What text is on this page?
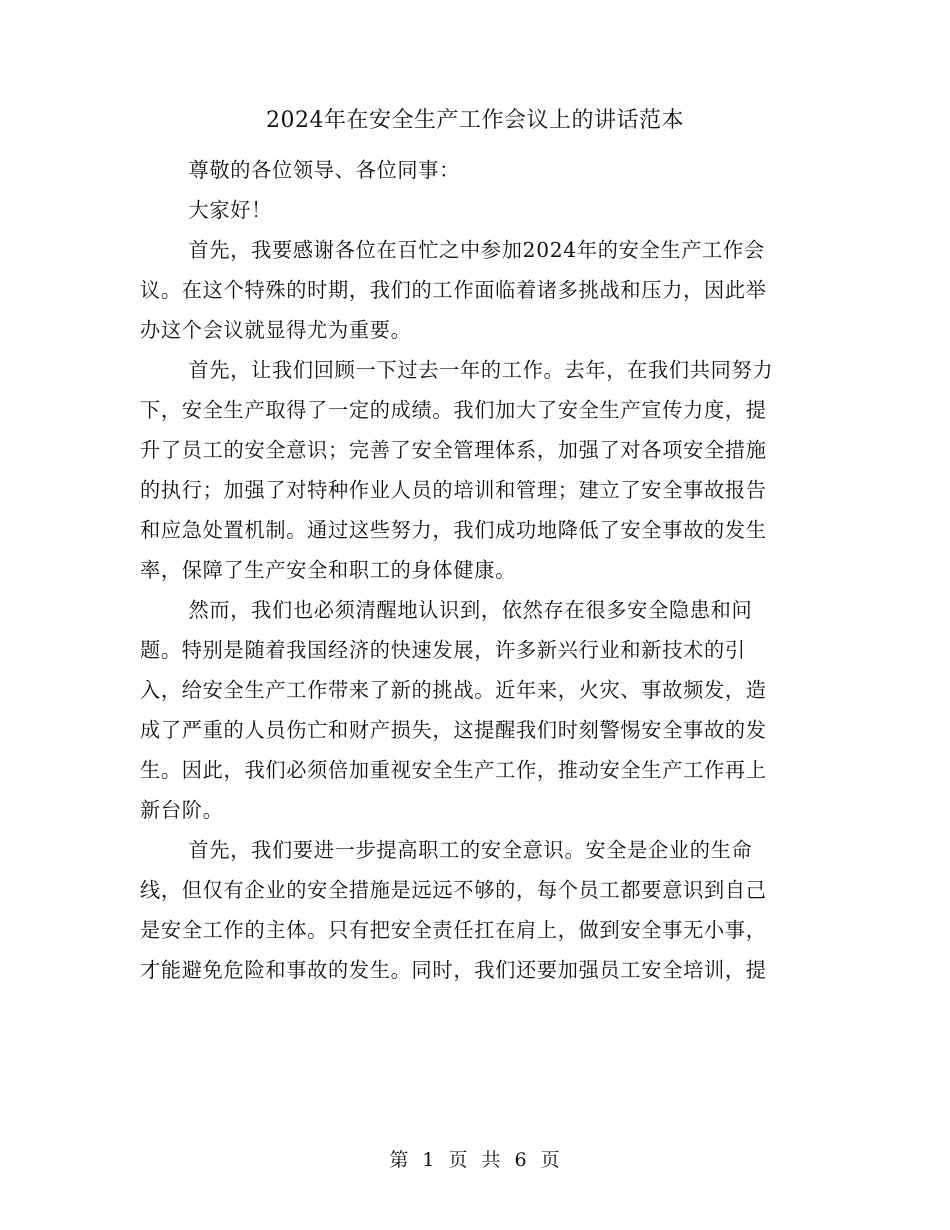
2024年在安全生产工作会议上的讲话范本

尊敬的各位领导、各位同事：

大家好！

首先，我要感谢各位在百忙之中参加2024年的安全生产工作会
议。在这个特殊的时期，我们的工作面临着诸多挑战和压力，因此举
办这个会议就显得尤为重要。

首先，让我们回顾一下过去一年的工作。去年，在我们共同努力
下，安全生产取得了一定的成绩。我们加大了安全生产宣传力度，提
升了员工的安全意识；完善了安全管理体系，加强了对各项安全措施
的执行；加强了对特种作业人员的培训和管理；建立了安全事故报告
和应急处置机制。通过这些努力，我们成功地降低了安全事故的发生
率，保障了生产安全和职工的身体健康。

然而，我们也必须清醒地认识到，依然存在很多安全隐患和问
题。特别是随着我国经济的快速发展，许多新兴行业和新技术的引
入，给安全生产工作带来了新的挑战。近年来，火灾、事故频发，造
成了严重的人员伤亡和财产损失，这提醒我们时刻警惕安全事故的发
生。因此，我们必须倍加重视安全生产工作，推动安全生产工作再上
新台阶。

首先，我们要进一步提高职工的安全意识。安全是企业的生命
线，但仅有企业的安全措施是远远不够的，每个员工都要意识到自己
是安全工作的主体。只有把安全责任扛在肩上，做到安全事无小事，
才能避免危险和事故的发生。同时，我们还要加强员工安全培训，提

第 1 页 共 6 页
